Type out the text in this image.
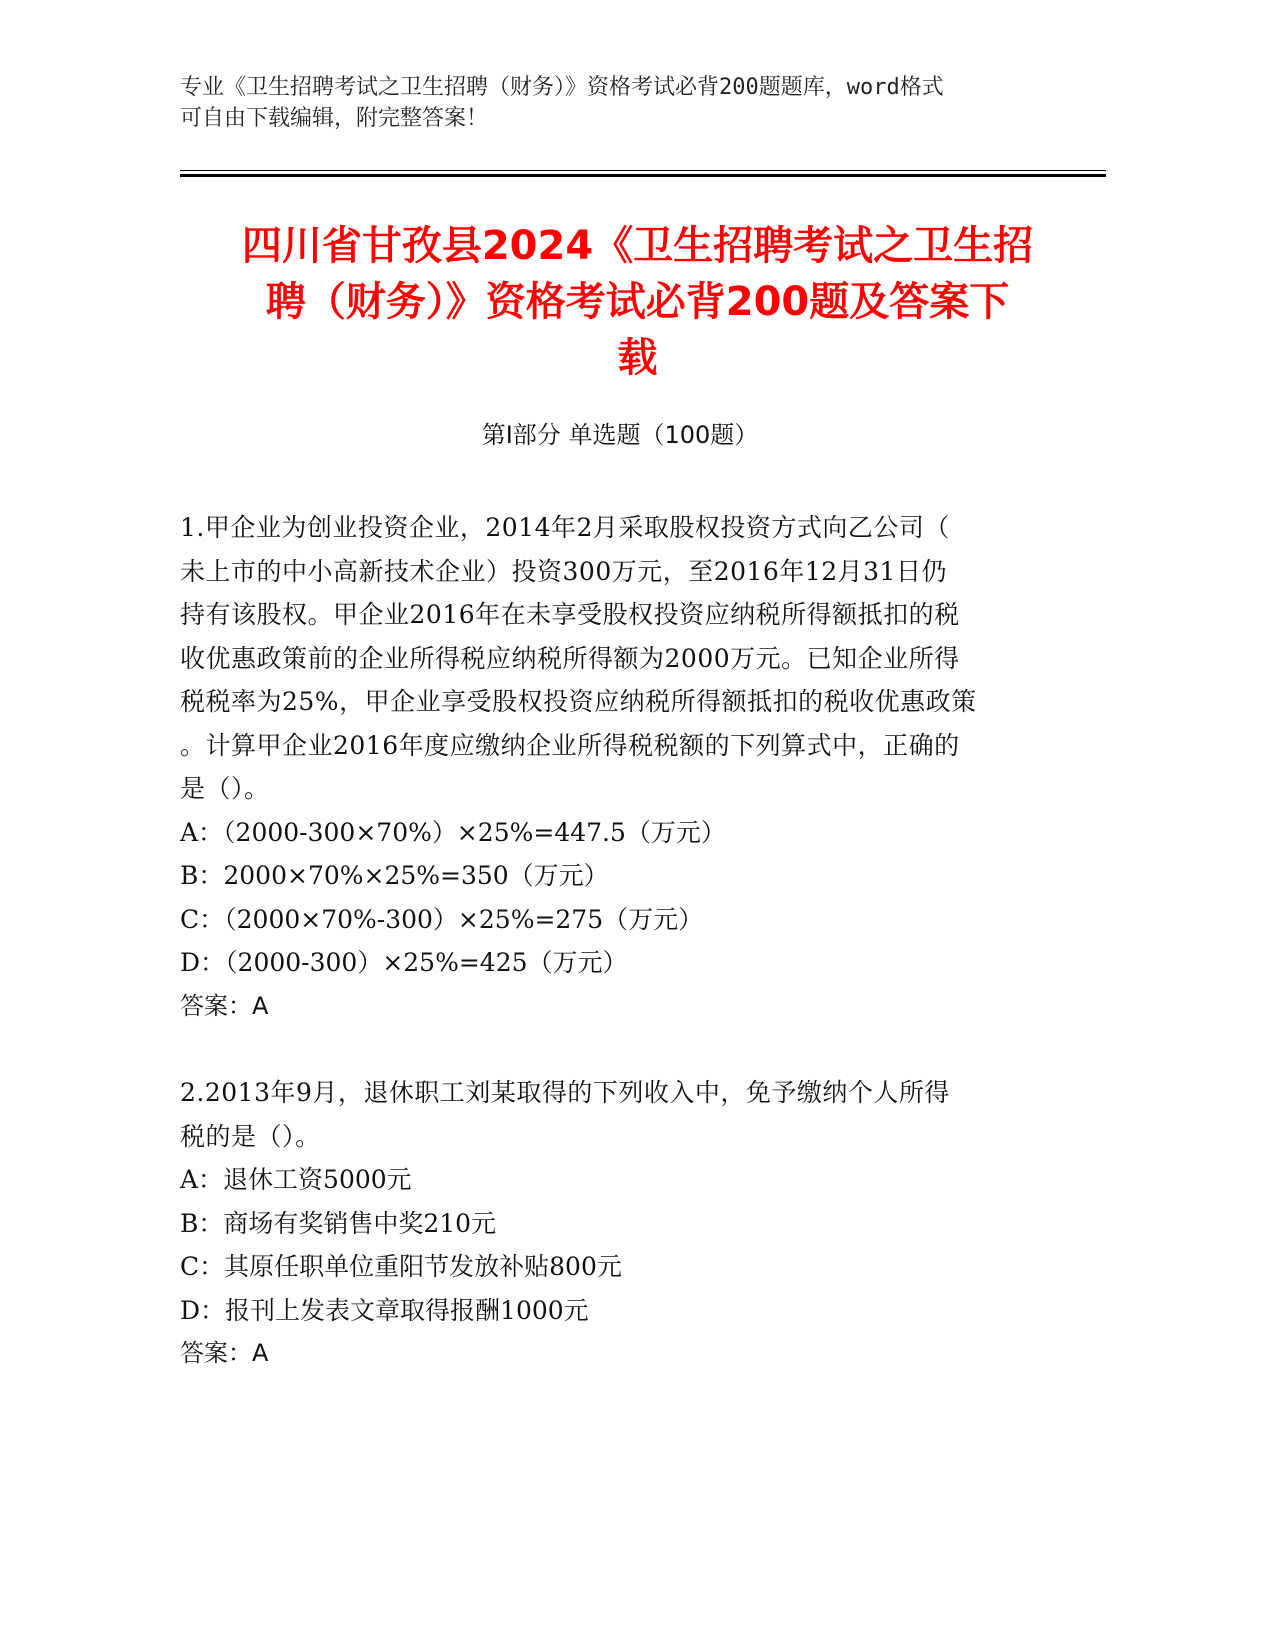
专业《卫生招聘考试之卫生招聘（财务）》资格考试必背200题题库，word格式
可自由下载编辑，附完整答案！
四川省甘孜县2024《卫生招聘考试之卫生招
聘（财务）》资格考试必背200题及答案下
载
第I部分 单选题（100题）

1.甲企业为创业投资企业，2014年2月采取股权投资方式向乙公司（

未上市的中小高新技术企业）投资300万元，至2016年12月31日仍

持有该股权。甲企业2016年在未享受股权投资应纳税所得额抵扣的税

收优惠政策前的企业所得税应纳税所得额为2000万元。已知企业所得

税税率为25%，甲企业享受股权投资应纳税所得额抵扣的税收优惠政策

。计算甲企业2016年度应缴纳企业所得税税额的下列算式中，正确的

是（）。

A：（2000-300×70%）×25%=447.5（万元）

B：2000×70%×25%=350（万元）

C：（2000×70%-300）×25%=275（万元）

D：（2000-300）×25%=425（万元）

答案：A

2.2013年9月，退休职工刘某取得的下列收入中，免予缴纳个人所得

税的是（）。

A：退休工资5000元

B：商场有奖销售中奖210元

C：其原任职单位重阳节发放补贴800元

D：报刊上发表文章取得报酬1000元

答案：A
